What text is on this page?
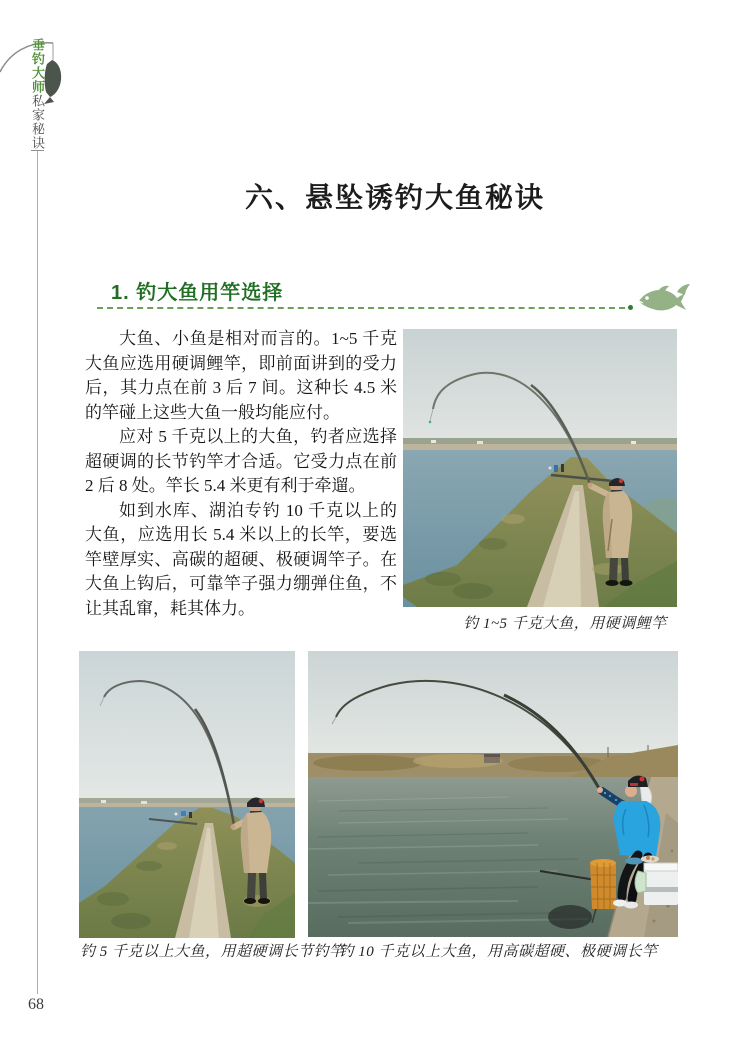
垂钓大师私家秘诀
68
六、悬坠诱钓大鱼秘诀
1. 钓大鱼用竿选择

大鱼、小鱼是相对而言的。1~5 千克大鱼应选用硬调鲤竿，即前面讲到的受力后，其力点在前 3 后 7 间。这种长 4.5 米的竿碰上这些大鱼一般均能应付。

应对 5 千克以上的大鱼，钓者应选择超硬调的长节钓竿才合适。它受力点在前 2 后 8 处。竿长 5.4 米更有利于牵遛。

如到水库、湖泊专钓 10 千克以上的大鱼，应选用长 5.4 米以上的长竿，要选竿壁厚实、高碳的超硬、极硬调竿子。在大鱼上钩后，可靠竿子强力绷弹住鱼，不让其乱窜，耗其体力。

钓 1~5 千克大鱼，用硬调鲤竿
钓 5 千克以上大鱼，用超硬调长节钓竿
钓 10 千克以上大鱼，用高碳超硬、极硬调长竿
